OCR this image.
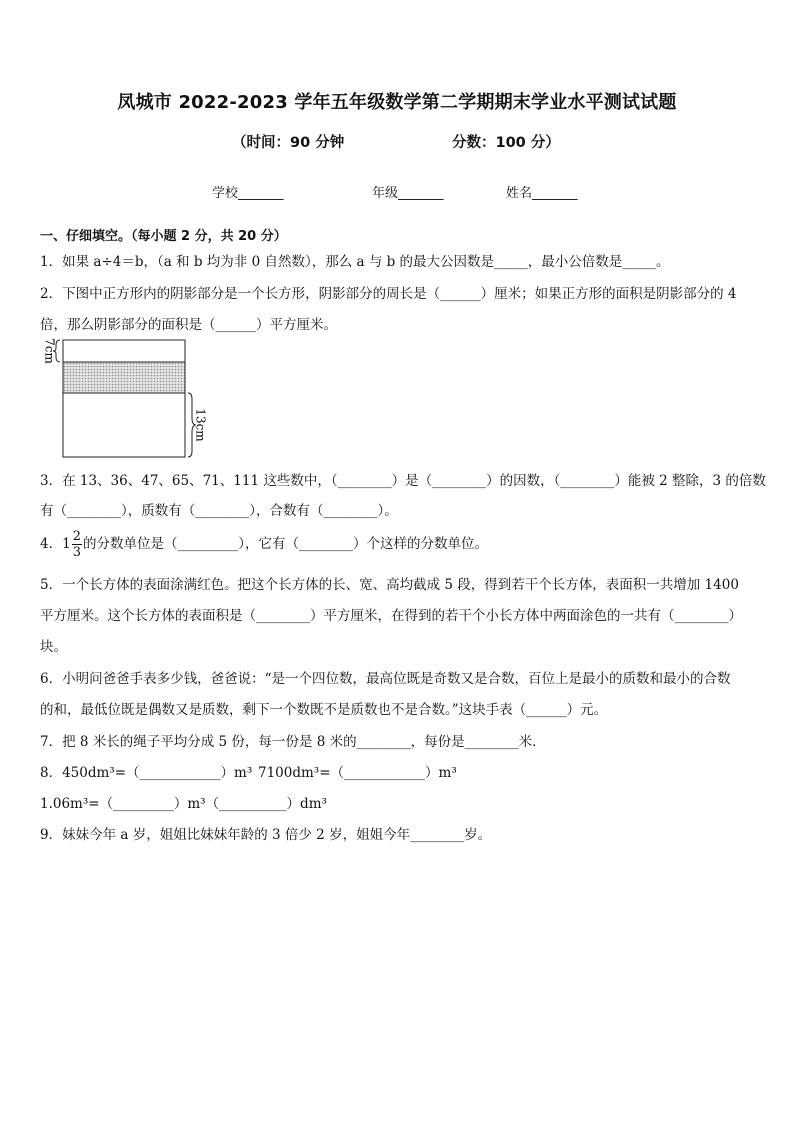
凤城市 2022-2023 学年五年级数学第二学期期末学业水平测试试题
（时间：90 分钟	分数：100 分）
学校_______	年级_______	姓名_______
一、仔细填空。（每小题 2 分，共 20 分）
1．如果 a÷4＝b，（a 和 b 均为非 0 自然数），那么 a 与 b 的最大公因数是_____，最小公倍数是_____。
2．下图中正方形内的阴影部分是一个长方形，阴影部分的周长是（______）厘米；如果正方形的面积是阴影部分的 4
倍，那么阴影部分的面积是（______）平方厘米。
7cm
13cm
3．在 13、36、47、65、71、111 这些数中，（________）是（________）的因数，（________）能被 2 整除，3 的倍数
有（________），质数有（________），合数有（________）。
4．$1 \frac{2}{3}$ 的分数单位是（_________），它有（________）个这样的分数单位。
5．一个长方体的表面涂满红色。把这个长方体的长、宽、高均截成 5 段，得到若干个长方体，表面积一共增加 1400
平方厘米。这个长方体的表面积是（________）平方厘米，在得到的若干个小长方体中两面涂色的一共有（________）
块。
6．小明问爸爸手表多少钱，爸爸说：“是一个四位数，最高位既是奇数又是合数，百位上是最小的质数和最小的合数
的和，最低位既是偶数又是质数，剩下一个数既不是质数也不是合数。”这块手表（______）元。
7．把 8 米长的绳子平均分成 5 份，每一份是 8 米的________，每份是________米．
8．450dm³=（____________）m³ 7100dm³=（____________）m³
1.06m³=（_________）m³（__________）dm³
9．妹妹今年 a 岁，姐姐比妹妹年龄的 3 倍少 2 岁，姐姐今年________岁。
